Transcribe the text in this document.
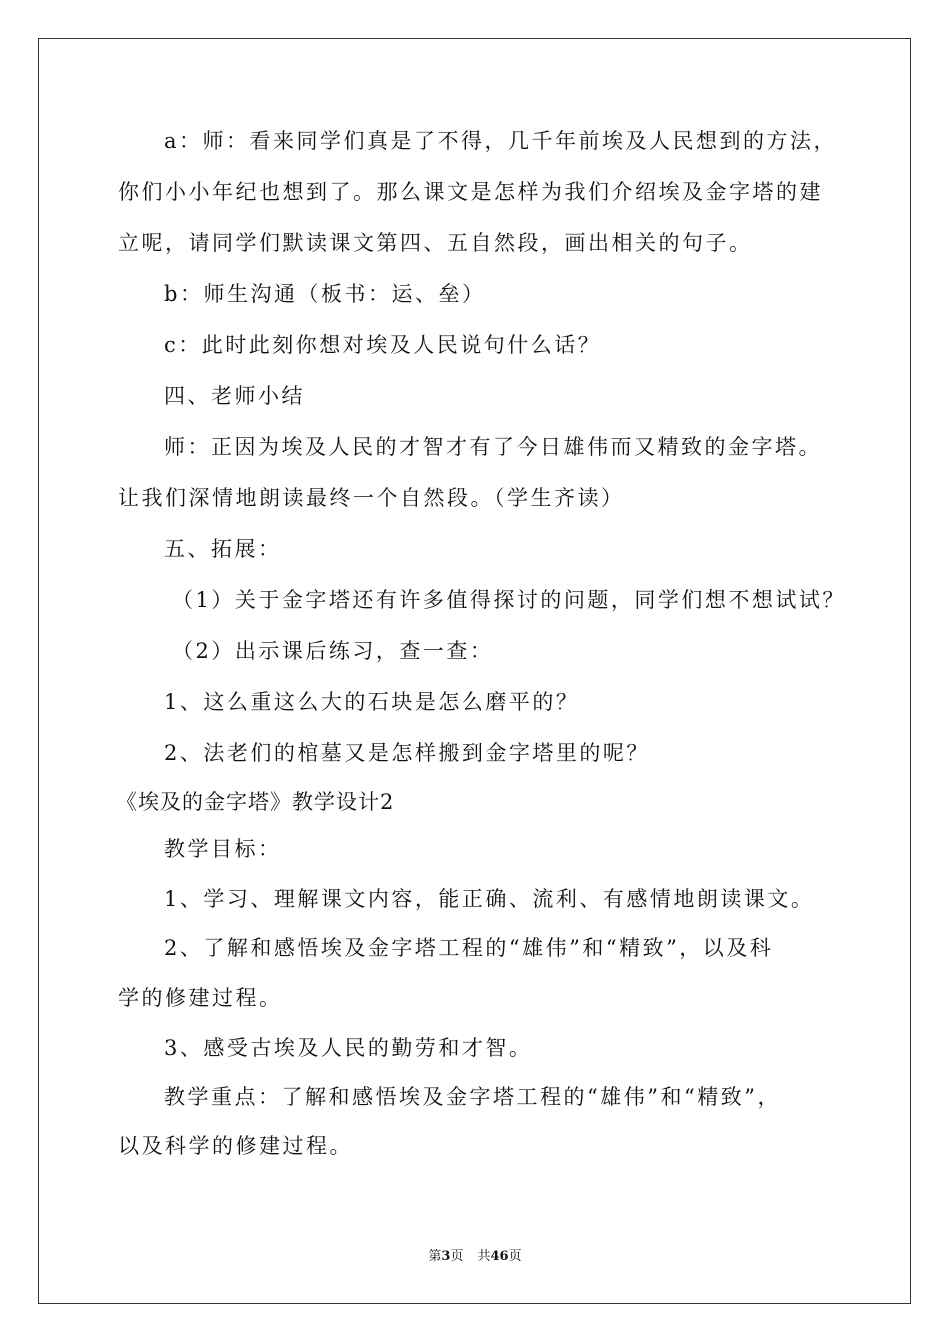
a：师：看来同学们真是了不得，几千年前埃及人民想到的方法，
你们小小年纪也想到了。那么课文是怎样为我们介绍埃及金字塔的建
立呢，请同学们默读课文第四、五自然段，画出相关的句子。
b：师生沟通（板书：运、垒）
c：此时此刻你想对埃及人民说句什么话？
四、老师小结
师：正因为埃及人民的才智才有了今日雄伟而又精致的金字塔。
让我们深情地朗读最终一个自然段。（学生齐读）
五、拓展：
（1）关于金字塔还有许多值得探讨的问题，同学们想不想试试？
（2）出示课后练习，查一查：
1、这么重这么大的石块是怎么磨平的？
2、法老们的棺墓又是怎样搬到金字塔里的呢？
《埃及的金字塔》教学设计2
教学目标：
1、学习、理解课文内容，能正确、流利、有感情地朗读课文。
2、了解和感悟埃及金字塔工程的“雄伟”和“精致”，以及科
学的修建过程。
3、感受古埃及人民的勤劳和才智。
教学重点：了解和感悟埃及金字塔工程的“雄伟”和“精致”，
以及科学的修建过程。
第3页 共46页
